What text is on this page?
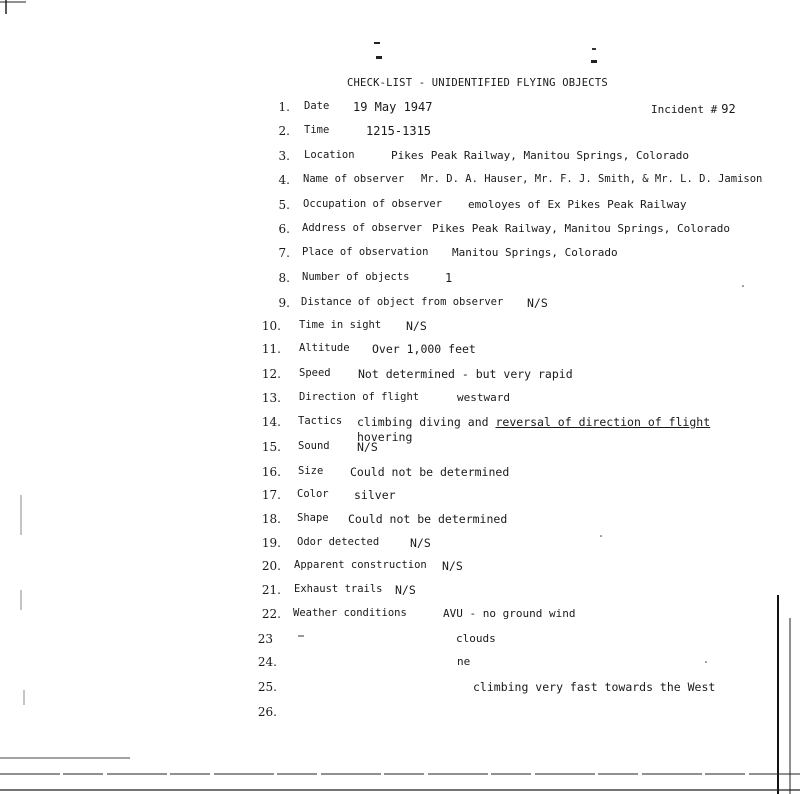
CHECK-LIST - UNIDENTIFIED FLYING OBJECTS
Incident # 92
1. Date 19 May 1947
2. Time	1215-1315
3. Location	Pikes Peak Railway, Manitou Springs, Colorado
4. Name of observer Mr. D. A. Hauser, Mr. F. J. Smith, & Mr. L. D. Jamison
5. Occupation of observer emoloyes of Ex Pikes Peak Railway
6. Address of observer Pikes Peak Railway, Manitou Springs, Colorado
7. Place of observation Manitou Springs, Colorado
8. Number of objects	1
9. Distance of object from observer N/S
10. Time in sight N/S
11. Altitude Over 1,000 feet
12. Speed Not determined - but very rapid
13. Direction of flight	westward
14. Tactics climbing diving and reversal of direction of flight
hovering
15. Sound N/S
16. Size Could not be determined
17. Color silver
18. Shape Could not be determined
19. Odor detected	N/S
20. Apparent construction N/S
21. Exhaust trails N/S
22. Weather conditions	AVU - no ground wind
23	clouds
24.	ne
25.	climbing very fast towards the West
26.
